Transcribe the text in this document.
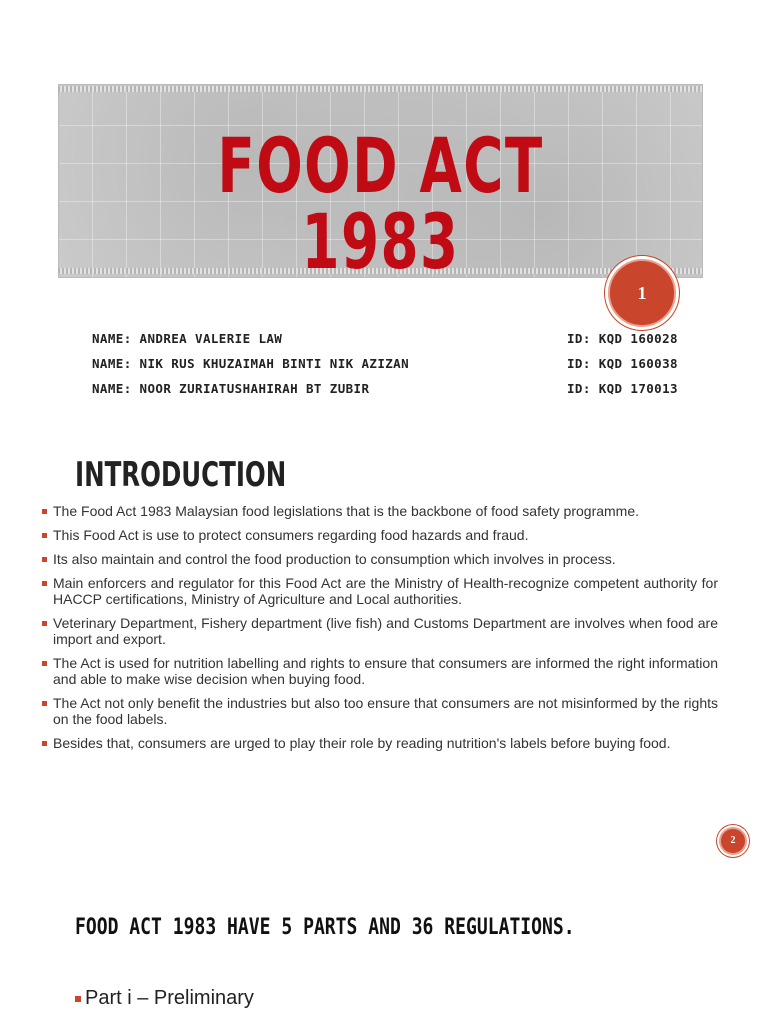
FOOD ACT 1983
1
NAME: ANDREA VALERIE LAW	ID: KQD 160028
NAME: NIK RUS KHUZAIMAH BINTI NIK AZIZAN	ID: KQD 160038
NAME: NOOR ZURIATUSHAHIRAH BT ZUBIR	ID: KQD 170013
INTRODUCTION
The Food Act 1983 Malaysian food legislations that is the backbone of food safety programme.
This Food Act is use to protect consumers regarding food hazards and fraud.
Its also maintain and control the food production to consumption which involves in process.
Main enforcers and regulator for this Food Act are the Ministry of Health-recognize competent authority for HACCP certifications, Ministry of Agriculture and Local authorities.
Veterinary Department, Fishery department (live fish) and Customs Department are involves when food are import and export.
The Act is used for nutrition labelling and rights to ensure that consumers are informed the right information and able to make wise decision when buying food.
The Act not only benefit the industries but also too ensure that consumers are not misinformed by the rights on the food labels.
Besides that, consumers are urged to play their role by reading nutrition's labels before buying food.
2
FOOD ACT 1983 HAVE 5 PARTS AND 36 REGULATIONS.
Part i – Preliminary
